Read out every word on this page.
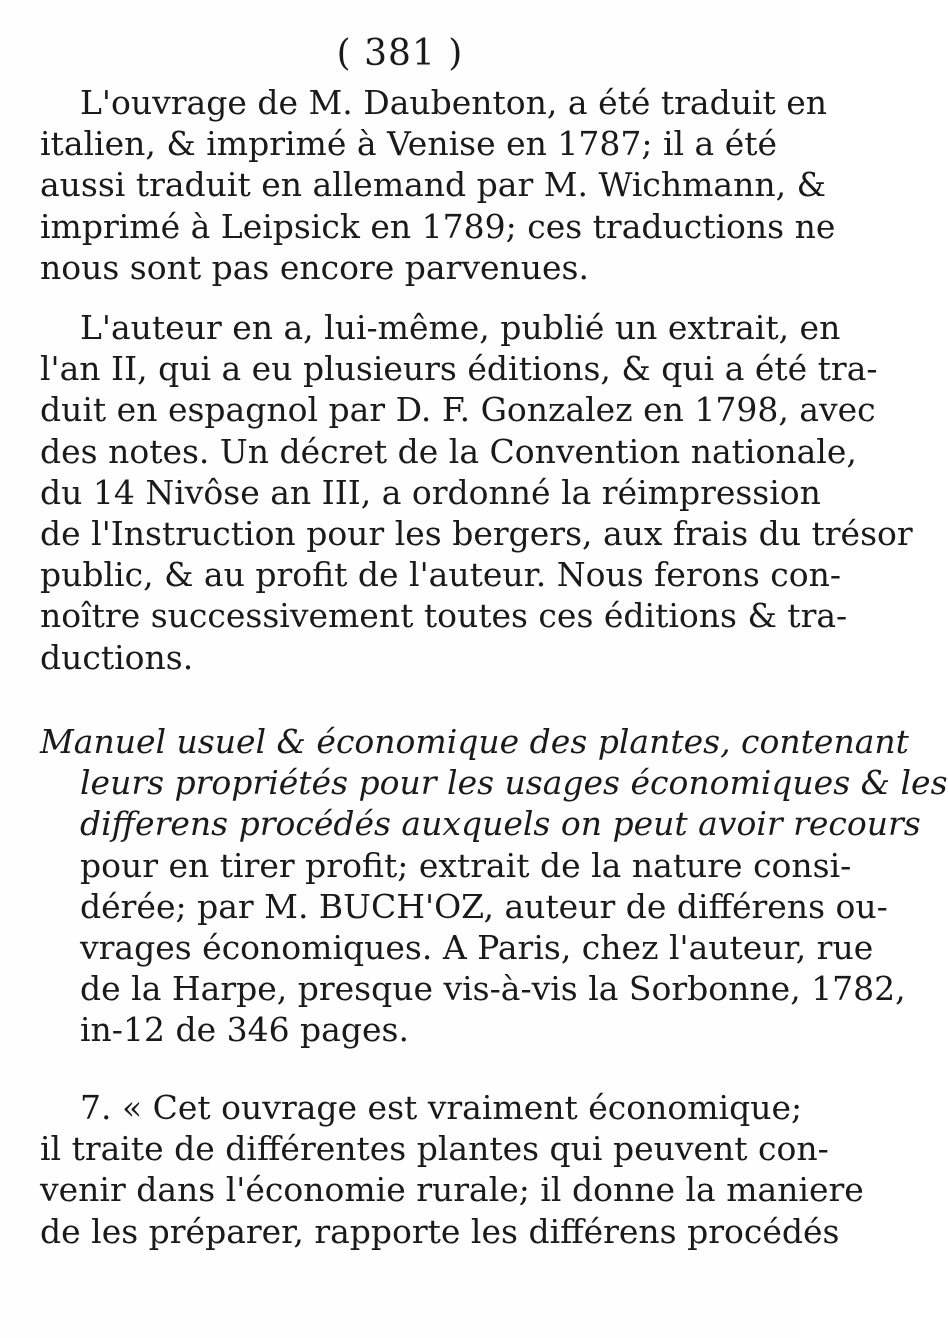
( 381 )
L'ouvrage de M. Daubenton, a été traduit en
italien, & imprimé à Venise en 1787; il a été
aussi traduit en allemand par M. Wichmann, &
imprimé à Leipsick en 1789; ces traductions ne
nous sont pas encore parvenues.
L'auteur en a, lui-même, publié un extrait, en
l'an II, qui a eu plusieurs éditions, & qui a été tra-
duit en espagnol par D. F. Gonzalez en 1798, avec
des notes. Un décret de la Convention nationale,
du 14 Nivôse an III, a ordonné la réimpression
de l'Instruction pour les bergers, aux frais du trésor
public, & au profit de l'auteur. Nous ferons con-
noître successivement toutes ces éditions & tra-
ductions.
Manuel usuel & économique des plantes, contenant
leurs propriétés pour les usages économiques & les
differens procédés auxquels on peut avoir recours
pour en tirer profit; extrait de la nature consi-
dérée; par M. BUCH'OZ, auteur de différens ou-
vrages économiques. A Paris, chez l'auteur, rue
de la Harpe, presque vis-à-vis la Sorbonne, 1782,
in-12 de 346 pages.
7. « Cet ouvrage est vraiment économique;
il traite de différentes plantes qui peuvent con-
venir dans l'économie rurale; il donne la maniere
de les préparer, rapporte les différens procédés
